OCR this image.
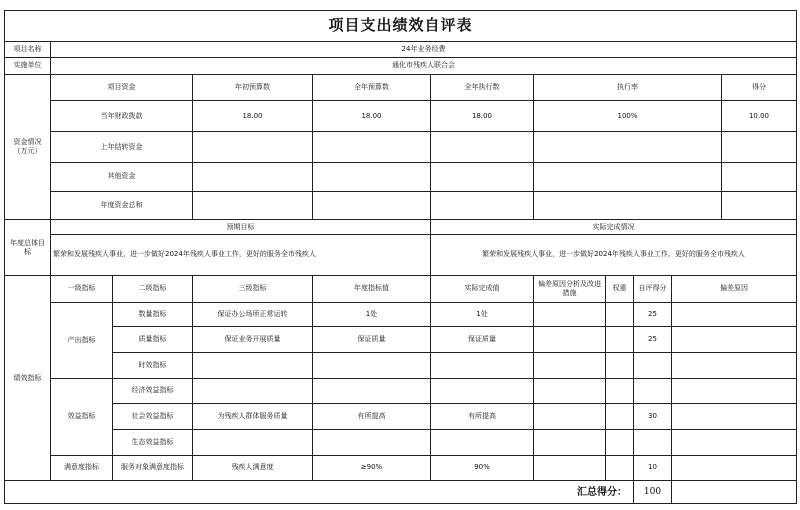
项目支出绩效自评表										
项目名称	24年业务经费									
实施单位	通化市残疾人联合会									
资金情况（万元）	项目资金		年初预算数	全年预算数	全年执行数	执行率				得分
	当年财政拨款		18.00	18.00	18.00	100%				10.00
	上年结转资金									
	其他资金									
	年度资金总和									
年度总体目标	预期目标				实际完成情况					
	繁荣和发展残疾人事业，进一步做好2024年残疾人事业工作，更好的服务全市残疾人				繁荣和发展残疾人事业，进一步做好2024年残疾人事业工作，更好的服务全市残疾人					
绩效指标	一级指标	二级指标	三级指标	年度指标值	实际完成值	偏差原因分析及改进措施	权重	自评得分	偏差原因	
	产出指标	数量指标	保证办公场所正常运转	1处	1处			25		
		质量指标	保证业务开展质量	保证质量	保证质量			25		
		时效指标								
	效益指标	经济效益指标								
		社会效益指标	为残疾人群体服务质量	有所提高	有所提高			30		
		生态效益指标								
	满意度指标	服务对象满意度指标	残疾人满意度	≥90%	90%			10		
汇总得分：								100		
